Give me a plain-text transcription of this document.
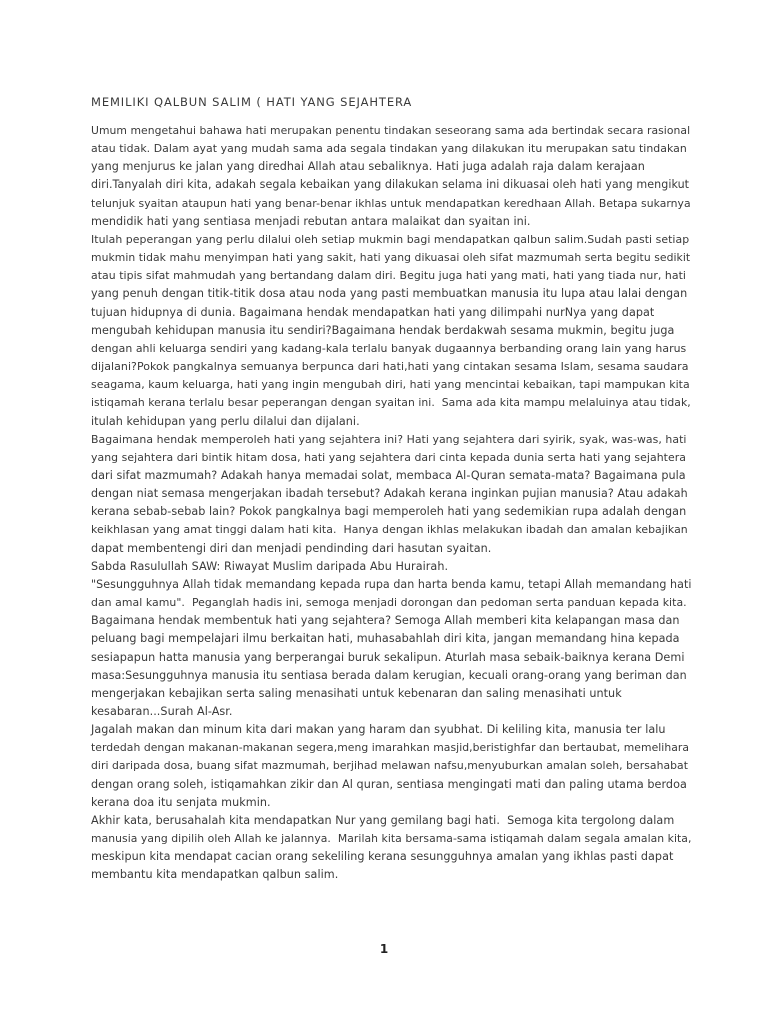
MEMILIKI QALBUN SALIM ( HATI YANG SEJAHTERA
Umum mengetahui bahawa hati merupakan penentu tindakan seseorang sama ada bertindak secara rasional
atau tidak. Dalam ayat yang mudah sama ada segala tindakan yang dilakukan itu merupakan satu tindakan
yang menjurus ke jalan yang diredhai Allah atau sebaliknya. Hati juga adalah raja dalam kerajaan
diri.Tanyalah diri kita, adakah segala kebaikan yang dilakukan selama ini dikuasai oleh hati yang mengikut
telunjuk syaitan ataupun hati yang benar-benar ikhlas untuk mendapatkan keredhaan Allah. Betapa sukarnya
mendidik hati yang sentiasa menjadi rebutan antara malaikat dan syaitan ini.
Itulah peperangan yang perlu dilalui oleh setiap mukmin bagi mendapatkan qalbun salim.Sudah pasti setiap
mukmin tidak mahu menyimpan hati yang sakit, hati yang dikuasai oleh sifat mazmumah serta begitu sedikit
atau tipis sifat mahmudah yang bertandang dalam diri. Begitu juga hati yang mati, hati yang tiada nur, hati
yang penuh dengan titik-titik dosa atau noda yang pasti membuatkan manusia itu lupa atau lalai dengan
tujuan hidupnya di dunia. Bagaimana hendak mendapatkan hati yang dilimpahi nurNya yang dapat
mengubah kehidupan manusia itu sendiri?Bagaimana hendak berdakwah sesama mukmin, begitu juga
dengan ahli keluarga sendiri yang kadang-kala terlalu banyak dugaannya berbanding orang lain yang harus
dijalani?Pokok pangkalnya semuanya berpunca dari hati,hati yang cintakan sesama Islam, sesama saudara
seagama, kaum keluarga, hati yang ingin mengubah diri, hati yang mencintai kebaikan, tapi mampukan kita
istiqamah kerana terlalu besar peperangan dengan syaitan ini.  Sama ada kita mampu melaluinya atau tidak,
itulah kehidupan yang perlu dilalui dan dijalani.
Bagaimana hendak memperoleh hati yang sejahtera ini? Hati yang sejahtera dari syirik, syak, was-was, hati
yang sejahtera dari bintik hitam dosa, hati yang sejahtera dari cinta kepada dunia serta hati yang sejahtera
dari sifat mazmumah? Adakah hanya memadai solat, membaca Al-Quran semata-mata? Bagaimana pula
dengan niat semasa mengerjakan ibadah tersebut? Adakah kerana inginkan pujian manusia? Atau adakah
kerana sebab-sebab lain? Pokok pangkalnya bagi memperoleh hati yang sedemikian rupa adalah dengan
keikhlasan yang amat tinggi dalam hati kita.  Hanya dengan ikhlas melakukan ibadah dan amalan kebajikan
dapat membentengi diri dan menjadi pendinding dari hasutan syaitan.
Sabda Rasulullah SAW: Riwayat Muslim daripada Abu Hurairah.
"Sesungguhnya Allah tidak memandang kepada rupa dan harta benda kamu, tetapi Allah memandang hati
dan amal kamu".  Peganglah hadis ini, semoga menjadi dorongan dan pedoman serta panduan kepada kita.
Bagaimana hendak membentuk hati yang sejahtera? Semoga Allah memberi kita kelapangan masa dan
peluang bagi mempelajari ilmu berkaitan hati, muhasabahlah diri kita, jangan memandang hina kepada
sesiapapun hatta manusia yang berperangai buruk sekalipun. Aturlah masa sebaik-baiknya kerana Demi
masa:Sesungguhnya manusia itu sentiasa berada dalam kerugian, kecuali orang-orang yang beriman dan
mengerjakan kebajikan serta saling menasihati untuk kebenaran dan saling menasihati untuk
kesabaran...Surah Al-Asr.
Jagalah makan dan minum kita dari makan yang haram dan syubhat. Di keliling kita, manusia ter lalu
terdedah dengan makanan-makanan segera,meng imarahkan masjid,beristighfar dan bertaubat, memelihara
diri daripada dosa, buang sifat mazmumah, berjihad melawan nafsu,menyuburkan amalan soleh, bersahabat
dengan orang soleh, istiqamahkan zikir dan Al quran, sentiasa mengingati mati dan paling utama berdoa
kerana doa itu senjata mukmin.
Akhir kata, berusahalah kita mendapatkan Nur yang gemilang bagi hati.  Semoga kita tergolong dalam
manusia yang dipilih oleh Allah ke jalannya.  Marilah kita bersama-sama istiqamah dalam segala amalan kita,
meskipun kita mendapat cacian orang sekeliling kerana sesungguhnya amalan yang ikhlas pasti dapat
membantu kita mendapatkan qalbun salim.
1
